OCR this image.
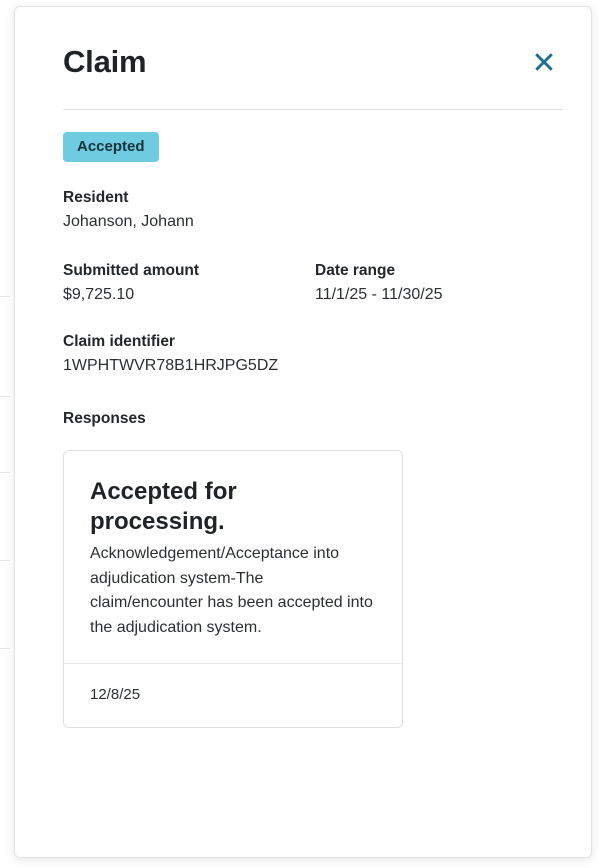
Claim
Accepted

Resident

Johanson, Johann

Submitted amount

$9,725.10

Date range

11/1/25 - 11/30/25

Claim identifier

1WPHTWVR78B1HRJPG5DZ

Responses

Accepted for processing.

Acknowledgement/Acceptance into adjudication system-The claim/encounter has been accepted into the adjudication system.

12/8/25
